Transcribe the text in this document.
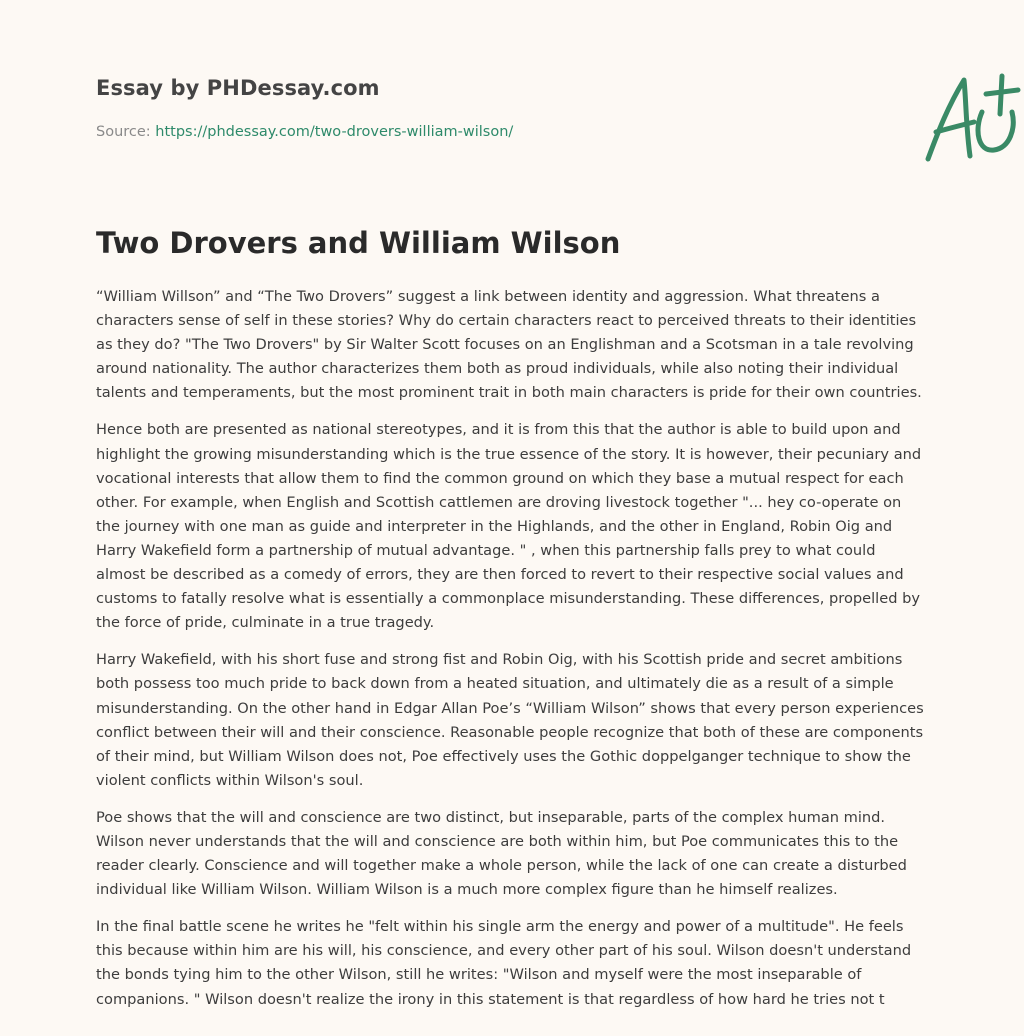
Essay by PHDessay.com
Source: https://phdessay.com/two-drovers-william-wilson/
Two Drovers and William Wilson

“William Willson” and “The Two Drovers” suggest a link between identity and aggression. What threatens a characters sense of self in these stories? Why do certain characters react to perceived threats to their identities as they do? "The Two Drovers" by Sir Walter Scott focuses on an Englishman and a Scotsman in a tale revolving around nationality. The author characterizes them both as proud individuals, while also noting their individual talents and temperaments, but the most prominent trait in both main characters is pride for their own countries.

Hence both are presented as national stereotypes, and it is from this that the author is able to build upon and highlight the growing misunderstanding which is the true essence of the story. It is however, their pecuniary and vocational interests that allow them to find the common ground on which they base a mutual respect for each other. For example, when English and Scottish cattlemen are droving livestock together "... hey co-operate on the journey with one man as guide and interpreter in the Highlands, and the other in England, Robin Oig and Harry Wakefield form a partnership of mutual advantage. " , when this partnership falls prey to what could almost be described as a comedy of errors, they are then forced to revert to their respective social values and customs to fatally resolve what is essentially a commonplace misunderstanding. These differences, propelled by the force of pride, culminate in a true tragedy.

Harry Wakefield, with his short fuse and strong fist and Robin Oig, with his Scottish pride and secret ambitions both possess too much pride to back down from a heated situation, and ultimately die as a result of a simple misunderstanding. On the other hand in Edgar Allan Poe’s “William Wilson” shows that every person experiences conflict between their will and their conscience. Reasonable people recognize that both of these are components of their mind, but William Wilson does not, Poe effectively uses the Gothic doppelganger technique to show the violent conflicts within Wilson's soul.

Poe shows that the will and conscience are two distinct, but inseparable, parts of the complex human mind. Wilson never understands that the will and conscience are both within him, but Poe communicates this to the reader clearly. Conscience and will together make a whole person, while the lack of one can create a disturbed individual like William Wilson. William Wilson is a much more complex figure than he himself realizes.

In the final battle scene he writes he "felt within his single arm the energy and power of a multitude". He feels this because within him are his will, his conscience, and every other part of his soul. Wilson doesn't understand the bonds tying him to the other Wilson, still he writes: "Wilson and myself were the most inseparable of companions. " Wilson doesn't realize the irony in this statement is that regardless of how hard he tries not t
